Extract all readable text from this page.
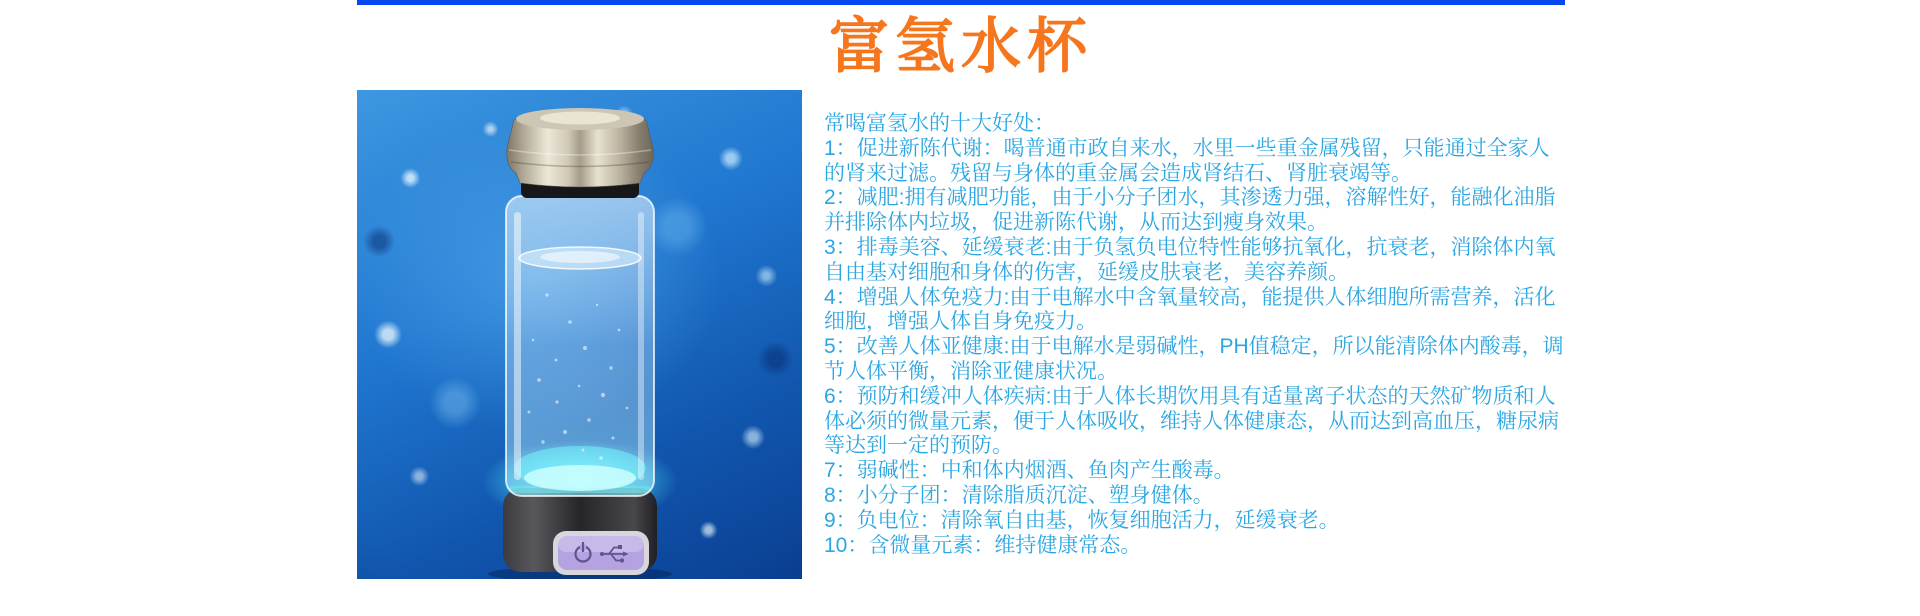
富氢水杯

常喝富氢水的十大好处：

1：促进新陈代谢：喝普通市政自来水，水里一些重金属残留，只能通过全家人的肾来过滤。残留与身体的重金属会造成肾结石、肾脏衰竭等。

2：减肥:拥有减肥功能，由于小分子团水，其渗透力强，溶解性好，能融化油脂并排除体内垃圾，促进新陈代谢，从而达到瘦身效果。

3：排毒美容、延缓衰老:由于负氢负电位特性能够抗氧化，抗衰老，消除体内氧自由基对细胞和身体的伤害，延缓皮肤衰老，美容养颜。

4：增强人体免疫力:由于电解水中含氧量较高，能提供人体细胞所需营养，活化细胞，增强人体自身免疫力。

5：改善人体亚健康:由于电解水是弱碱性，PH值稳定，所以能清除体内酸毒，调节人体平衡，消除亚健康状况。

6：预防和缓冲人体疾病:由于人体长期饮用具有适量离子状态的天然矿物质和人体必须的微量元素，便于人体吸收，维持人体健康态，从而达到高血压，糖尿病等达到一定的预防。

7：弱碱性：中和体内烟酒、鱼肉产生酸毒。

8：小分子团：清除脂质沉淀、塑身健体。

9：负电位：清除氧自由基，恢复细胞活力，延缓衰老。

10：含微量元素：维持健康常态。
